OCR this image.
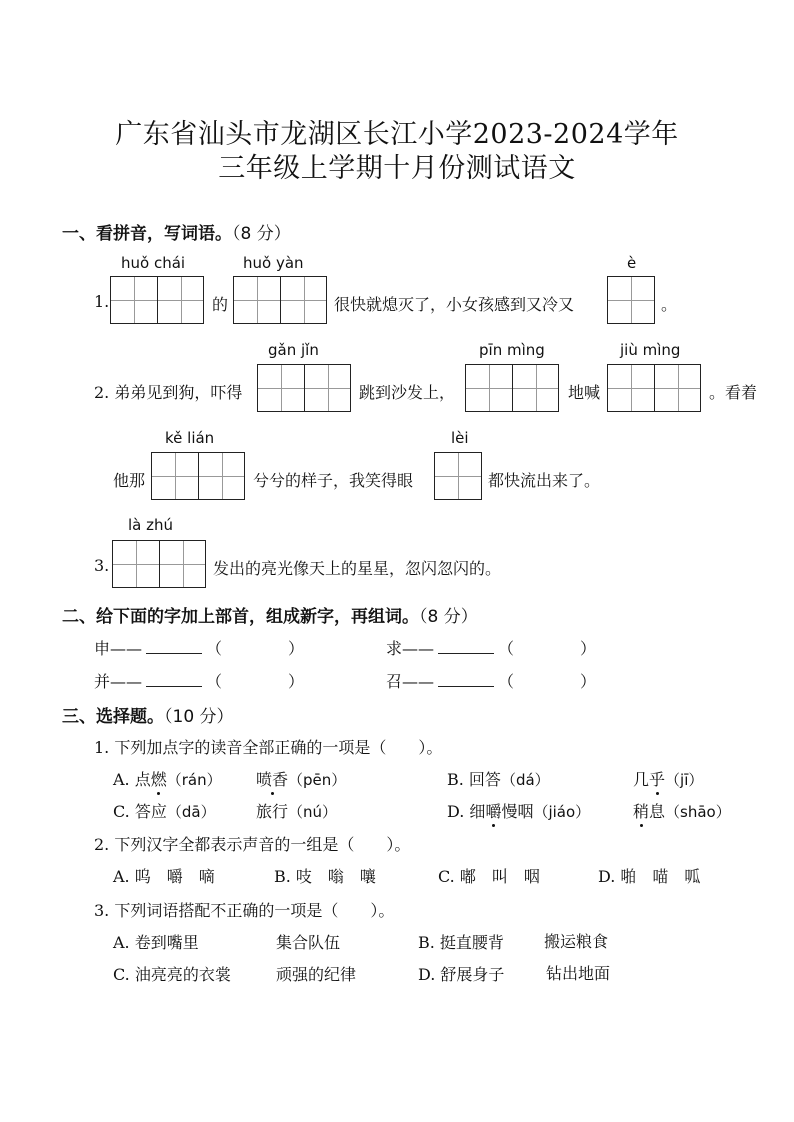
广东省汕头市龙湖区长江小学2023-2024学年
三年级上学期十月份测试语文
一、看拼音，写词语。（8 分）
huǒ chái	huǒ yàn	è
1.	的	很快就熄灭了，小女孩感到又冷又	。
gǎn jǐn	pīn mìng	jiù mìng
2. 弟弟见到狗，吓得	跳到沙发上，	地喊	。看着
kě lián	lèi
他那	兮兮的样子，我笑得眼	都快流出来了。
là zhú
3.	发出的亮光像天上的星星，忽闪忽闪的。
二、给下面的字加上部首，组成新字，再组词。（8 分）
申——	（	）	求——	（	）
并——	（	）	召——	（	）
三、选择题。（10 分）
1. 下列加点字的读音全部正确的一项是（　　）。
A. 点燃（rán） 喷香（pēn）	B. 回答（dá）	几乎（jī）
C. 答应（dā）	旅行（nú）	D. 细嚼慢咽（jiáo）	稍息（shāo）
2. 下列汉字全都表示声音的一组是（　　）。
A. 呜　嚼　嘀	B. 吱　嗡　嚷	C. 嘟　叫　咽	D. 啪　喵　呱
3. 下列词语搭配不正确的一项是（　　）。
A. 卷到嘴里	集合队伍	B. 挺直腰背	搬运粮食
C. 油亮亮的衣裳	顽强的纪律	D. 舒展身子	钻出地面
